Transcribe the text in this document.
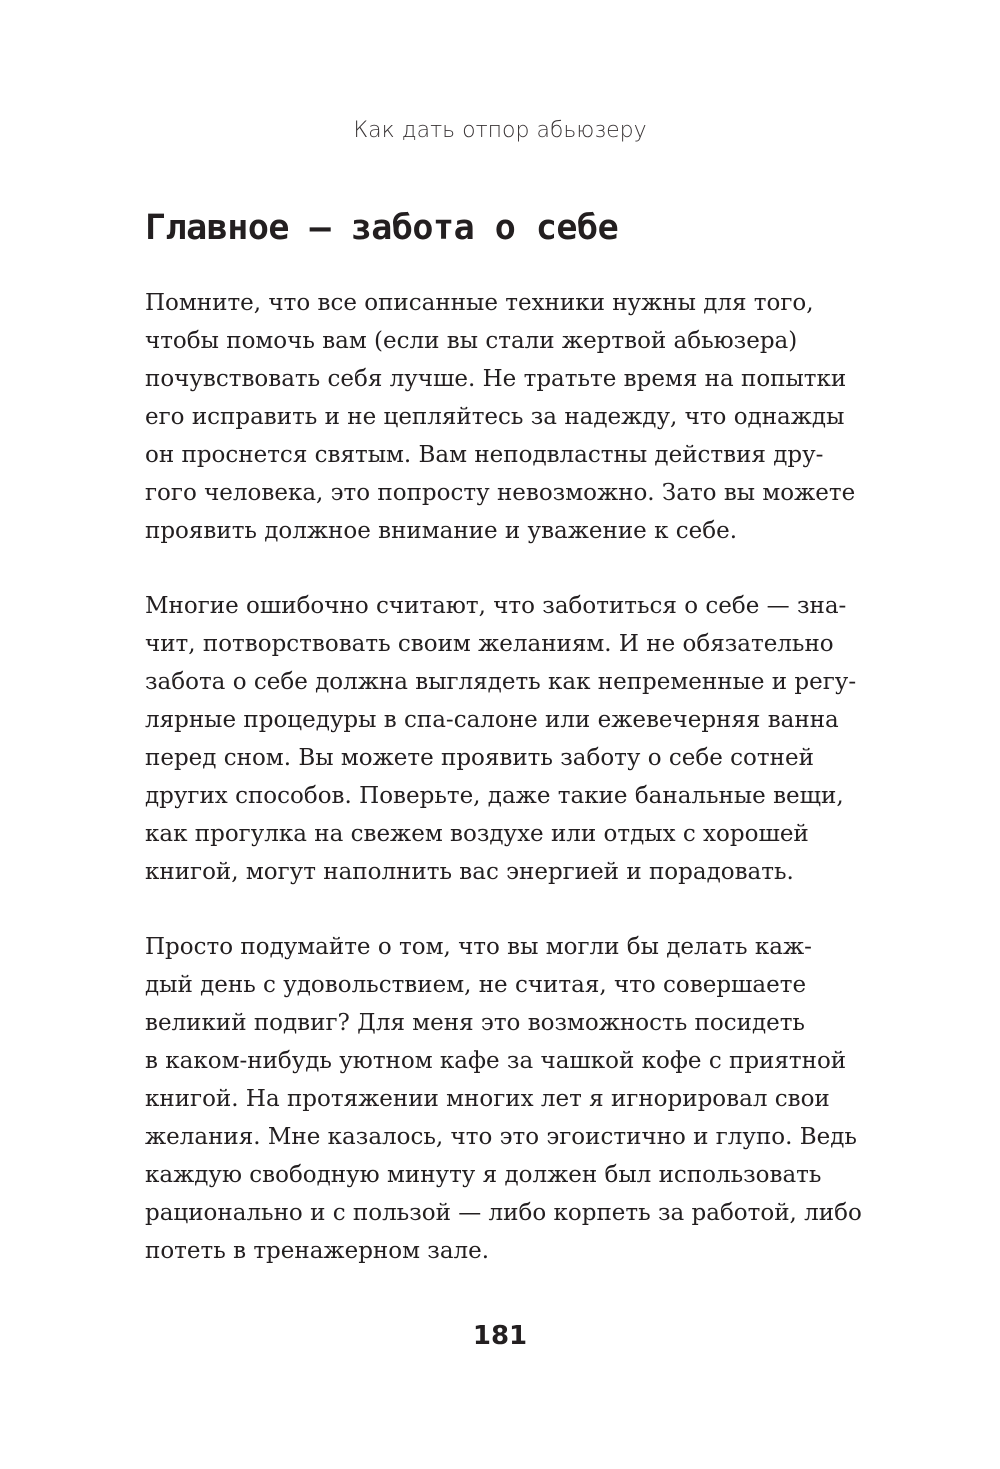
Как дать отпор абьюзеру
Главное — забота о себе
Помните, что все описанные техники нужны для того,
чтобы помочь вам (если вы стали жертвой абьюзера)
почувствовать себя лучше. Не тратьте время на попытки
его исправить и не цепляйтесь за надежду, что однажды
он проснется святым. Вам неподвластны действия дру-
гого человека, это попросту невозможно. Зато вы можете
проявить должное внимание и уважение к себе.
Многие ошибочно считают, что заботиться о себе — зна-
чит, потворствовать своим желаниям. И не обязательно
забота о себе должна выглядеть как непременные и регу-
лярные процедуры в спа-салоне или ежевечерняя ванна
перед сном. Вы можете проявить заботу о себе сотней
других способов. Поверьте, даже такие банальные вещи,
как прогулка на свежем воздухе или отдых с хорошей
книгой, могут наполнить вас энергией и порадовать.
Просто подумайте о том, что вы могли бы делать каж-
дый день с удовольствием, не считая, что совершаете
великий подвиг? Для меня это возможность посидеть
в каком-нибудь уютном кафе за чашкой кофе с приятной
книгой. На протяжении многих лет я игнорировал свои
желания. Мне казалось, что это эгоистично и глупо. Ведь
каждую свободную минуту я должен был использовать
рационально и с пользой — либо корпеть за работой, либо
потеть в тренажерном зале.
181
